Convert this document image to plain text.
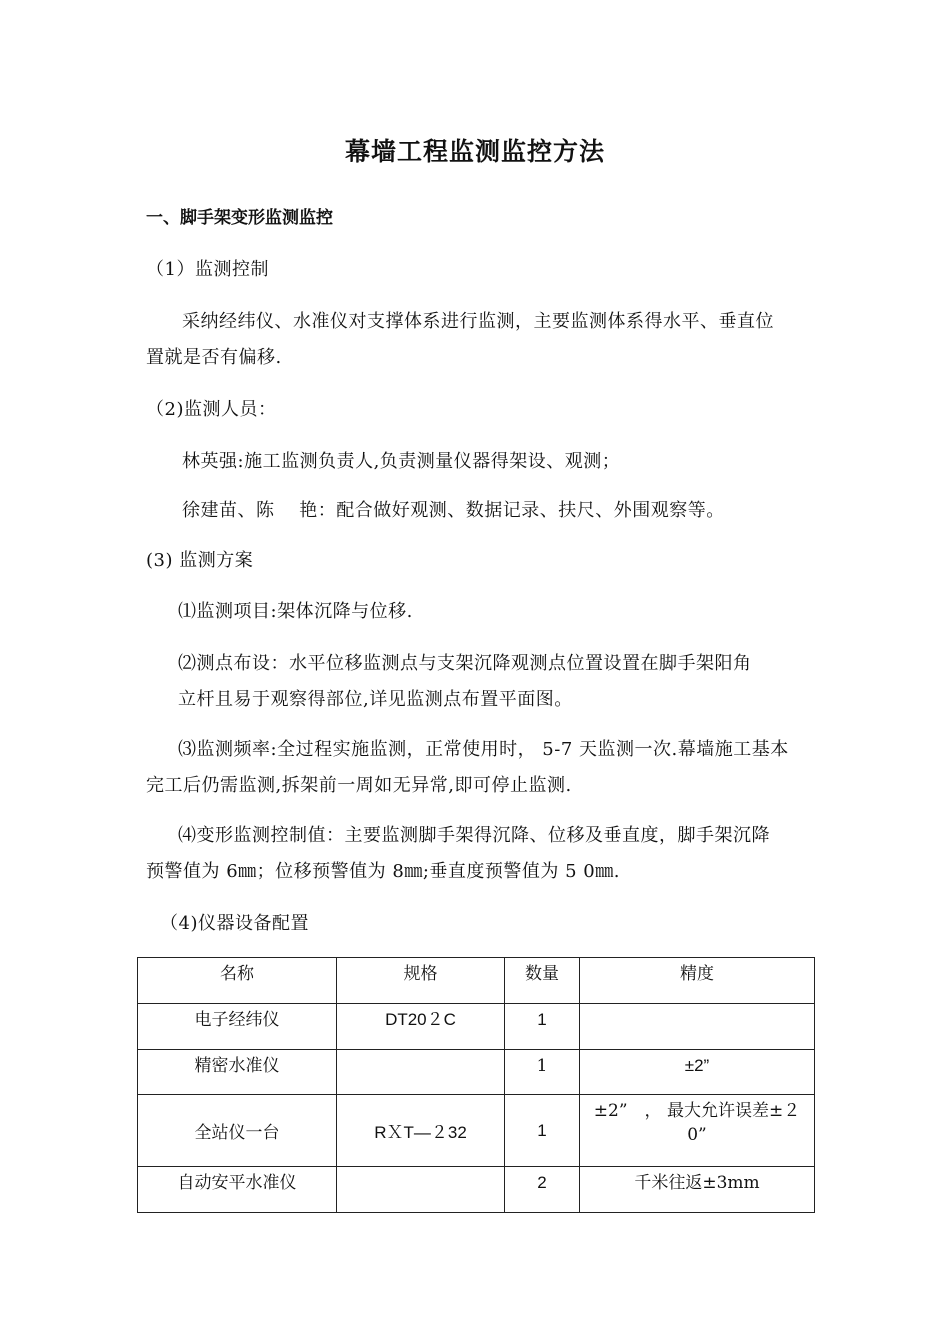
幕墙工程监测监控方法
一、脚手架变形监测监控
（1）监测控制
采纳经纬仪、水准仪对支撑体系进行监测，主要监测体系得水平、垂直位
置就是否有偏移.
（2)监测人员：
林英强:施工监测负责人,负责测量仪器得架设、观测；
徐建苗、陈　 艳：配合做好观测、数据记录、扶尺、外围观察等。
(3) 监测方案
⑴监测项目:架体沉降与位移.
⑵测点布设：水平位移监测点与支架沉降观测点位置设置在脚手架阳角
立杆且易于观察得部位,详见监测点布置平面图。
⑶监测频率:全过程实施监测，正常使用时， 5-7 天监测一次.幕墙施工基本
完工后仍需监测,拆架前一周如无异常,即可停止监测.
⑷变形监测控制值：主要监测脚手架得沉降、位移及垂直度，脚手架沉降
预警值为 6㎜；位移预警值为 8㎜;垂直度预警值为 5 0㎜.
（4)仪器设备配置
名称	规格	数量	精度

电子经纬仪	DT20２C	1	

精密水准仪		1	±2”

全站仪一台	RＸT—２32	1	±2”　， 最大允许误差±２
0”

自动安平水准仪		2	千米往返±3mm
